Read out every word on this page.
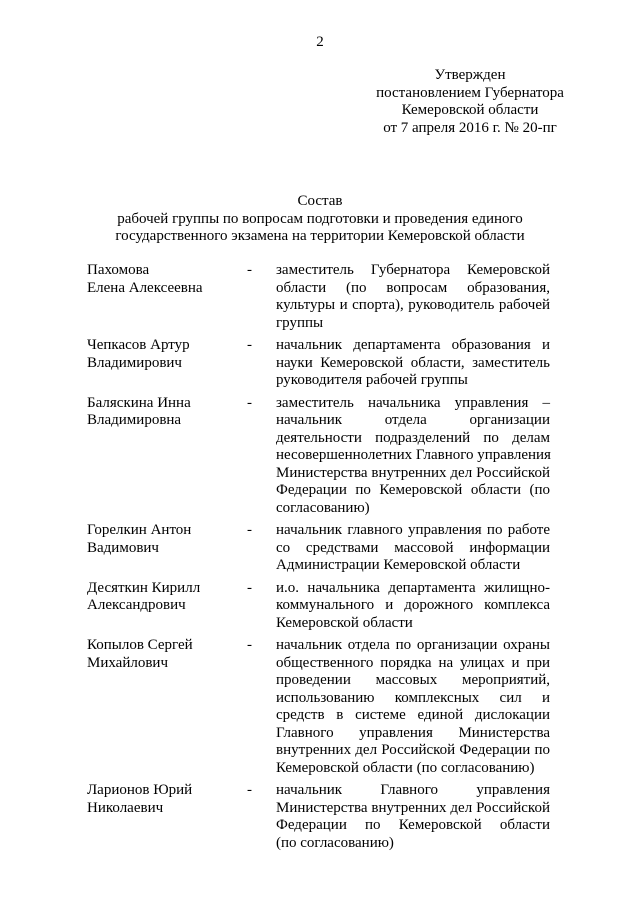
2
Утвержден
постановлением Губернатора
Кемеровской области
от 7 апреля 2016 г. № 20-пг
Состав
рабочей группы по вопросам подготовки и проведения единого
государственного экзамена на территории Кемеровской области
Пахомова
Елена Алексеевна
-	заместитель Губернатора Кемеровской
области (по вопросам образования,
культуры и спорта), руководитель рабочей
группы
Чепкасов Артур
Владимирович
-	начальник департамента образования и
науки Кемеровской области, заместитель
руководителя рабочей группы
Баляскина Инна
Владимировна
-	заместитель начальника управления –
начальник отдела организации
деятельности подразделений по делам
несовершеннолетних Главного управления
Министерства внутренних дел Российской
Федерации по Кемеровской области (по
согласованию)
Горелкин Антон
Вадимович
-	начальник главного управления по работе
со средствами массовой информации
Администрации Кемеровской области
Десяткин Кирилл
Александрович
-	и.о. начальника департамента жилищно-
коммунального и дорожного комплекса
Кемеровской области
Копылов Сергей
Михайлович
-	начальник отдела по организации охраны
общественного порядка на улицах и при
проведении массовых мероприятий,
использованию комплексных сил и
средств в системе единой дислокации
Главного управления Министерства
внутренних дел Российской Федерации по
Кемеровской области (по согласованию)
Ларионов Юрий
Николаевич
-	начальник Главного управления
Министерства внутренних дел Российской
Федерации по Кемеровской области
(по согласованию)
